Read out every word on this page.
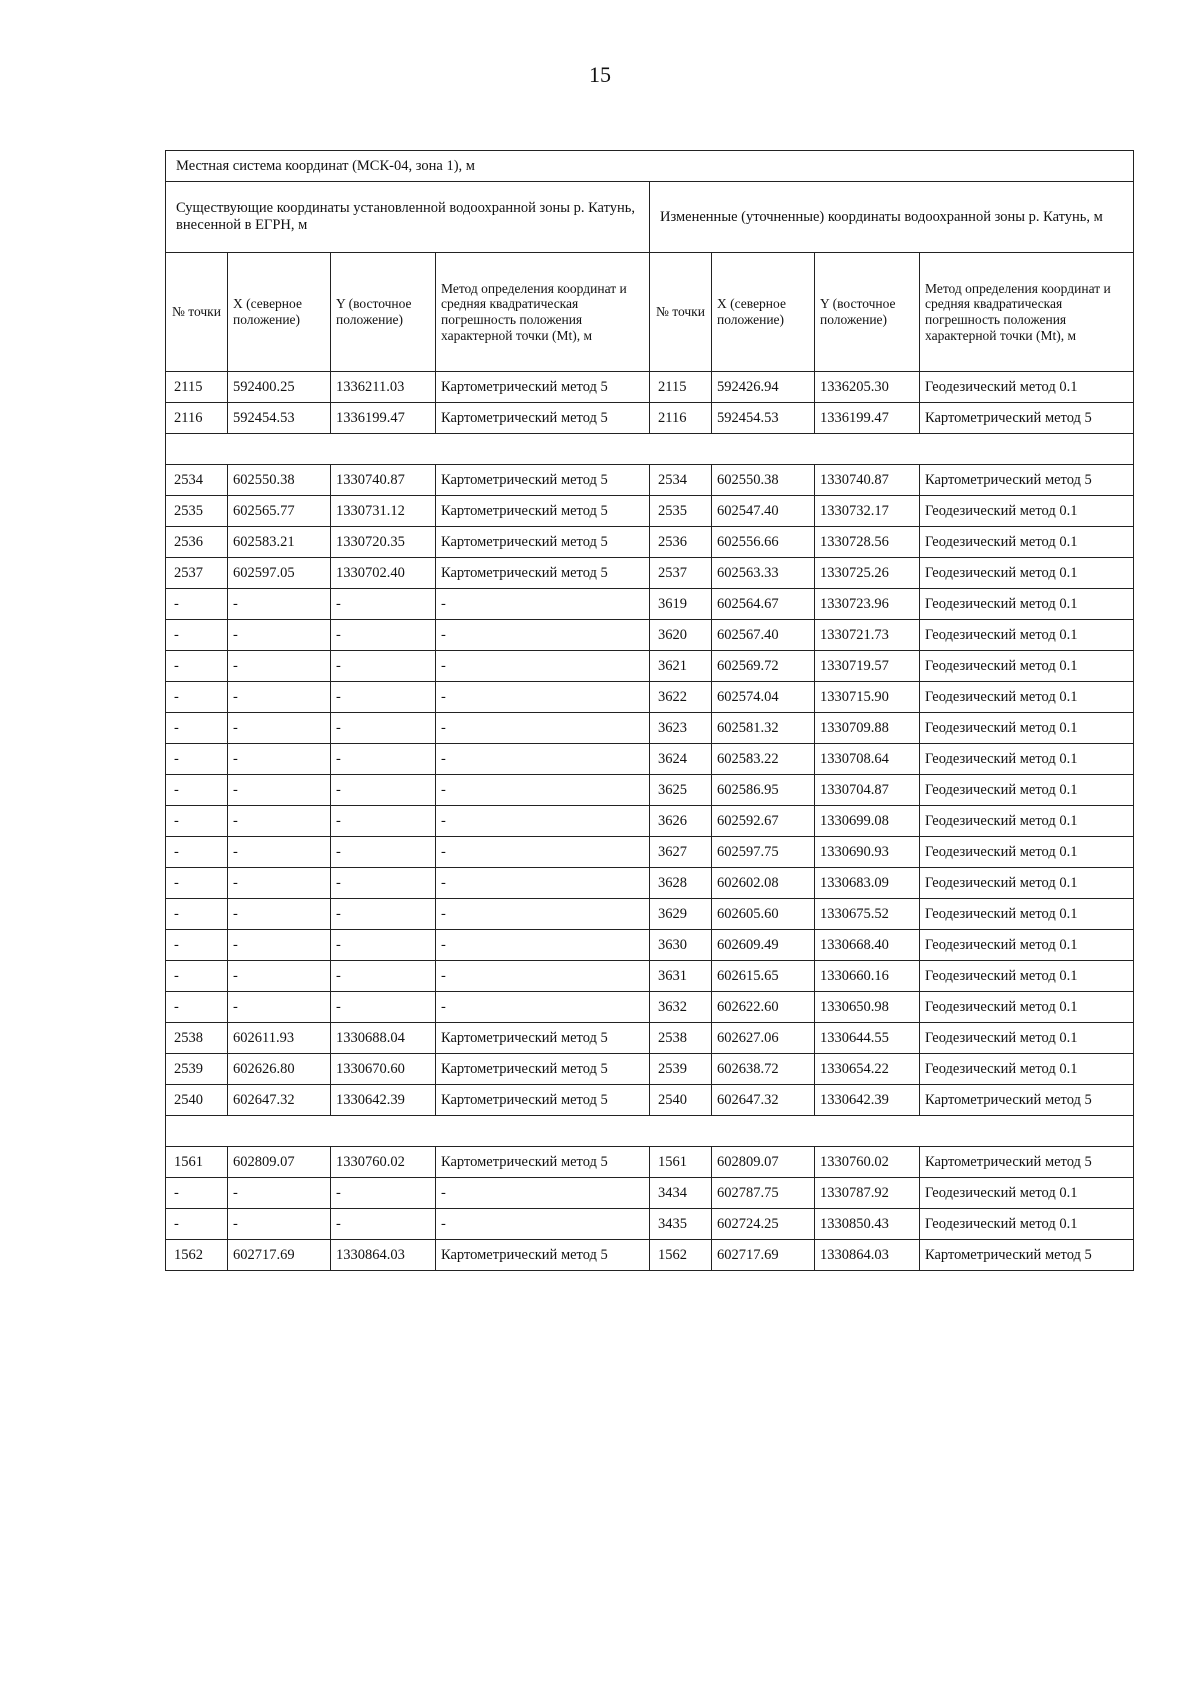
15
Местная система координат (МСК-04, зона 1), м							
Существующие координаты установленной водоохранной зоны р. Катунь, внесенной в ЕГРН, м				Измененные (уточненные) координаты водоохранной зоны р. Катунь, м			
№ точки	X (северное положение)	Y (восточное положение)	Метод определения координат и средняя квадратическая погрешность положения характерной точки (Mt), м	№ точки	X (северное положение)	Y (восточное положение)	Метод определения координат и средняя квадратическая погрешность положения характерной точки (Mt), м
2115	592400.25	1336211.03	Картометрический метод 5	2115	592426.94	1336205.30	Геодезический метод 0.1
2116	592454.53	1336199.47	Картометрический метод 5	2116	592454.53	1336199.47	Картометрический метод 5

2534	602550.38	1330740.87	Картометрический метод 5	2534	602550.38	1330740.87	Картометрический метод 5
2535	602565.77	1330731.12	Картометрический метод 5	2535	602547.40	1330732.17	Геодезический метод 0.1
2536	602583.21	1330720.35	Картометрический метод 5	2536	602556.66	1330728.56	Геодезический метод 0.1
2537	602597.05	1330702.40	Картометрический метод 5	2537	602563.33	1330725.26	Геодезический метод 0.1
-	-	-	-	3619	602564.67	1330723.96	Геодезический метод 0.1
-	-	-	-	3620	602567.40	1330721.73	Геодезический метод 0.1
-	-	-	-	3621	602569.72	1330719.57	Геодезический метод 0.1
-	-	-	-	3622	602574.04	1330715.90	Геодезический метод 0.1
-	-	-	-	3623	602581.32	1330709.88	Геодезический метод 0.1
-	-	-	-	3624	602583.22	1330708.64	Геодезический метод 0.1
-	-	-	-	3625	602586.95	1330704.87	Геодезический метод 0.1
-	-	-	-	3626	602592.67	1330699.08	Геодезический метод 0.1
-	-	-	-	3627	602597.75	1330690.93	Геодезический метод 0.1
-	-	-	-	3628	602602.08	1330683.09	Геодезический метод 0.1
-	-	-	-	3629	602605.60	1330675.52	Геодезический метод 0.1
-	-	-	-	3630	602609.49	1330668.40	Геодезический метод 0.1
-	-	-	-	3631	602615.65	1330660.16	Геодезический метод 0.1
-	-	-	-	3632	602622.60	1330650.98	Геодезический метод 0.1
2538	602611.93	1330688.04	Картометрический метод 5	2538	602627.06	1330644.55	Геодезический метод 0.1
2539	602626.80	1330670.60	Картометрический метод 5	2539	602638.72	1330654.22	Геодезический метод 0.1
2540	602647.32	1330642.39	Картометрический метод 5	2540	602647.32	1330642.39	Картометрический метод 5

1561	602809.07	1330760.02	Картометрический метод 5	1561	602809.07	1330760.02	Картометрический метод 5
-	-	-	-	3434	602787.75	1330787.92	Геодезический метод 0.1
-	-	-	-	3435	602724.25	1330850.43	Геодезический метод 0.1
1562	602717.69	1330864.03	Картометрический метод 5	1562	602717.69	1330864.03	Картометрический метод 5
